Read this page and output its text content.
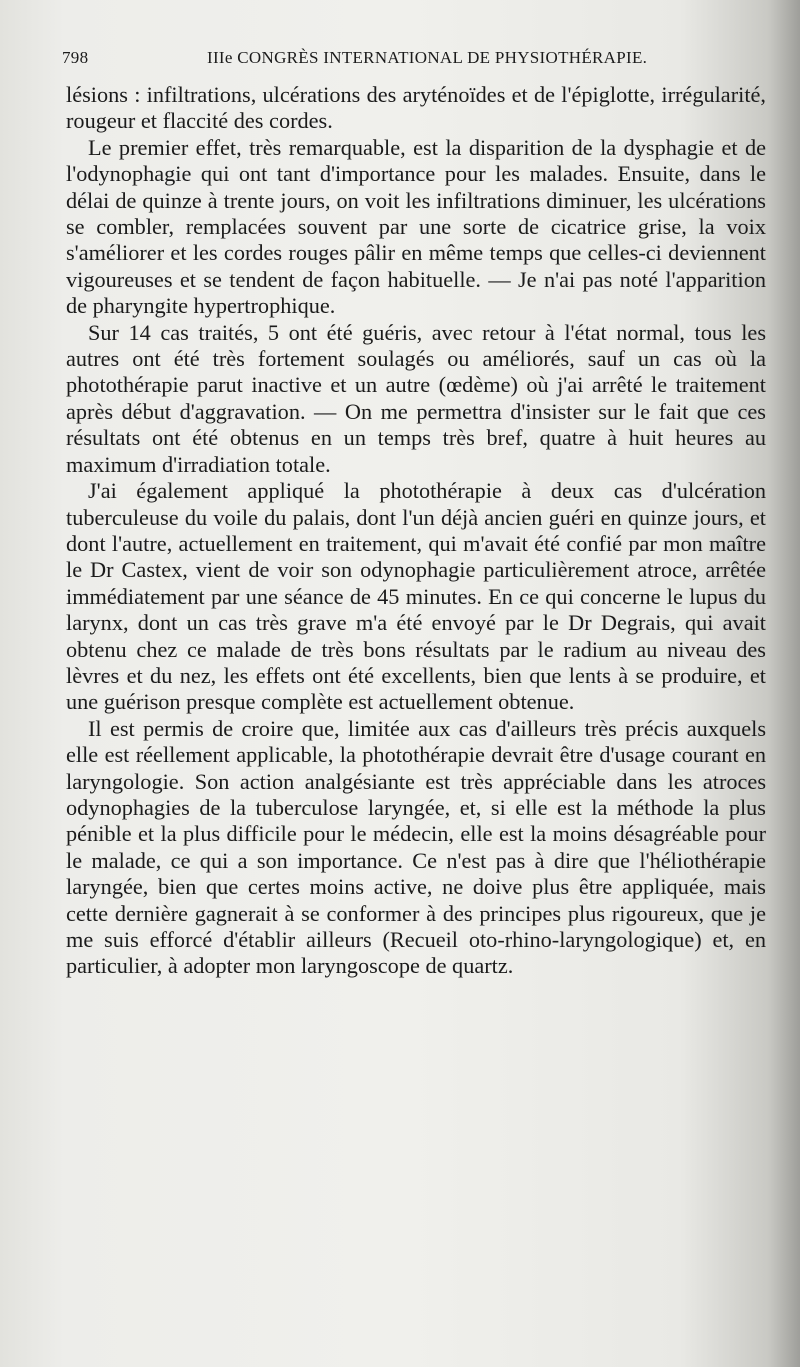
798	IIIe CONGRÈS INTERNATIONAL DE PHYSIOTHÉRAPIE.

lésions : infiltrations, ulcérations des aryténoïdes et de l'épiglotte, irrégularité, rougeur et flaccité des cordes.

Le premier effet, très remarquable, est la disparition de la dysphagie et de l'odynophagie qui ont tant d'importance pour les malades. Ensuite, dans le délai de quinze à trente jours, on voit les infiltrations diminuer, les ulcérations se combler, remplacées souvent par une sorte de cicatrice grise, la voix s'améliorer et les cordes rouges pâlir en même temps que celles-ci deviennent vigoureuses et se tendent de façon habituelle. — Je n'ai pas noté l'apparition de pharyngite hypertrophique.

Sur 14 cas traités, 5 ont été guéris, avec retour à l'état normal, tous les autres ont été très fortement soulagés ou améliorés, sauf un cas où la photothérapie parut inactive et un autre (œdème) où j'ai arrêté le traitement après début d'aggravation. — On me permettra d'insister sur le fait que ces résultats ont été obtenus en un temps très bref, quatre à huit heures au maximum d'irradiation totale.

J'ai également appliqué la photothérapie à deux cas d'ulcération tuberculeuse du voile du palais, dont l'un déjà ancien guéri en quinze jours, et dont l'autre, actuellement en traitement, qui m'avait été confié par mon maître le Dr Castex, vient de voir son odynophagie particulièrement atroce, arrêtée immédiatement par une séance de 45 minutes. En ce qui concerne le lupus du larynx, dont un cas très grave m'a été envoyé par le Dr Degrais, qui avait obtenu chez ce malade de très bons résultats par le radium au niveau des lèvres et du nez, les effets ont été excellents, bien que lents à se produire, et une guérison presque complète est actuellement obtenue.

Il est permis de croire que, limitée aux cas d'ailleurs très précis auxquels elle est réellement applicable, la photothérapie devrait être d'usage courant en laryngologie. Son action analgésiante est très appréciable dans les atroces odynophagies de la tuberculose laryngée, et, si elle est la méthode la plus pénible et la plus difficile pour le médecin, elle est la moins désagréable pour le malade, ce qui a son importance. Ce n'est pas à dire que l'héliothérapie laryngée, bien que certes moins active, ne doive plus être appliquée, mais cette dernière gagnerait à se conformer à des principes plus rigoureux, que je me suis efforcé d'établir ailleurs (Recueil oto-rhino-laryngologique) et, en particulier, à adopter mon laryngoscope de quartz.
